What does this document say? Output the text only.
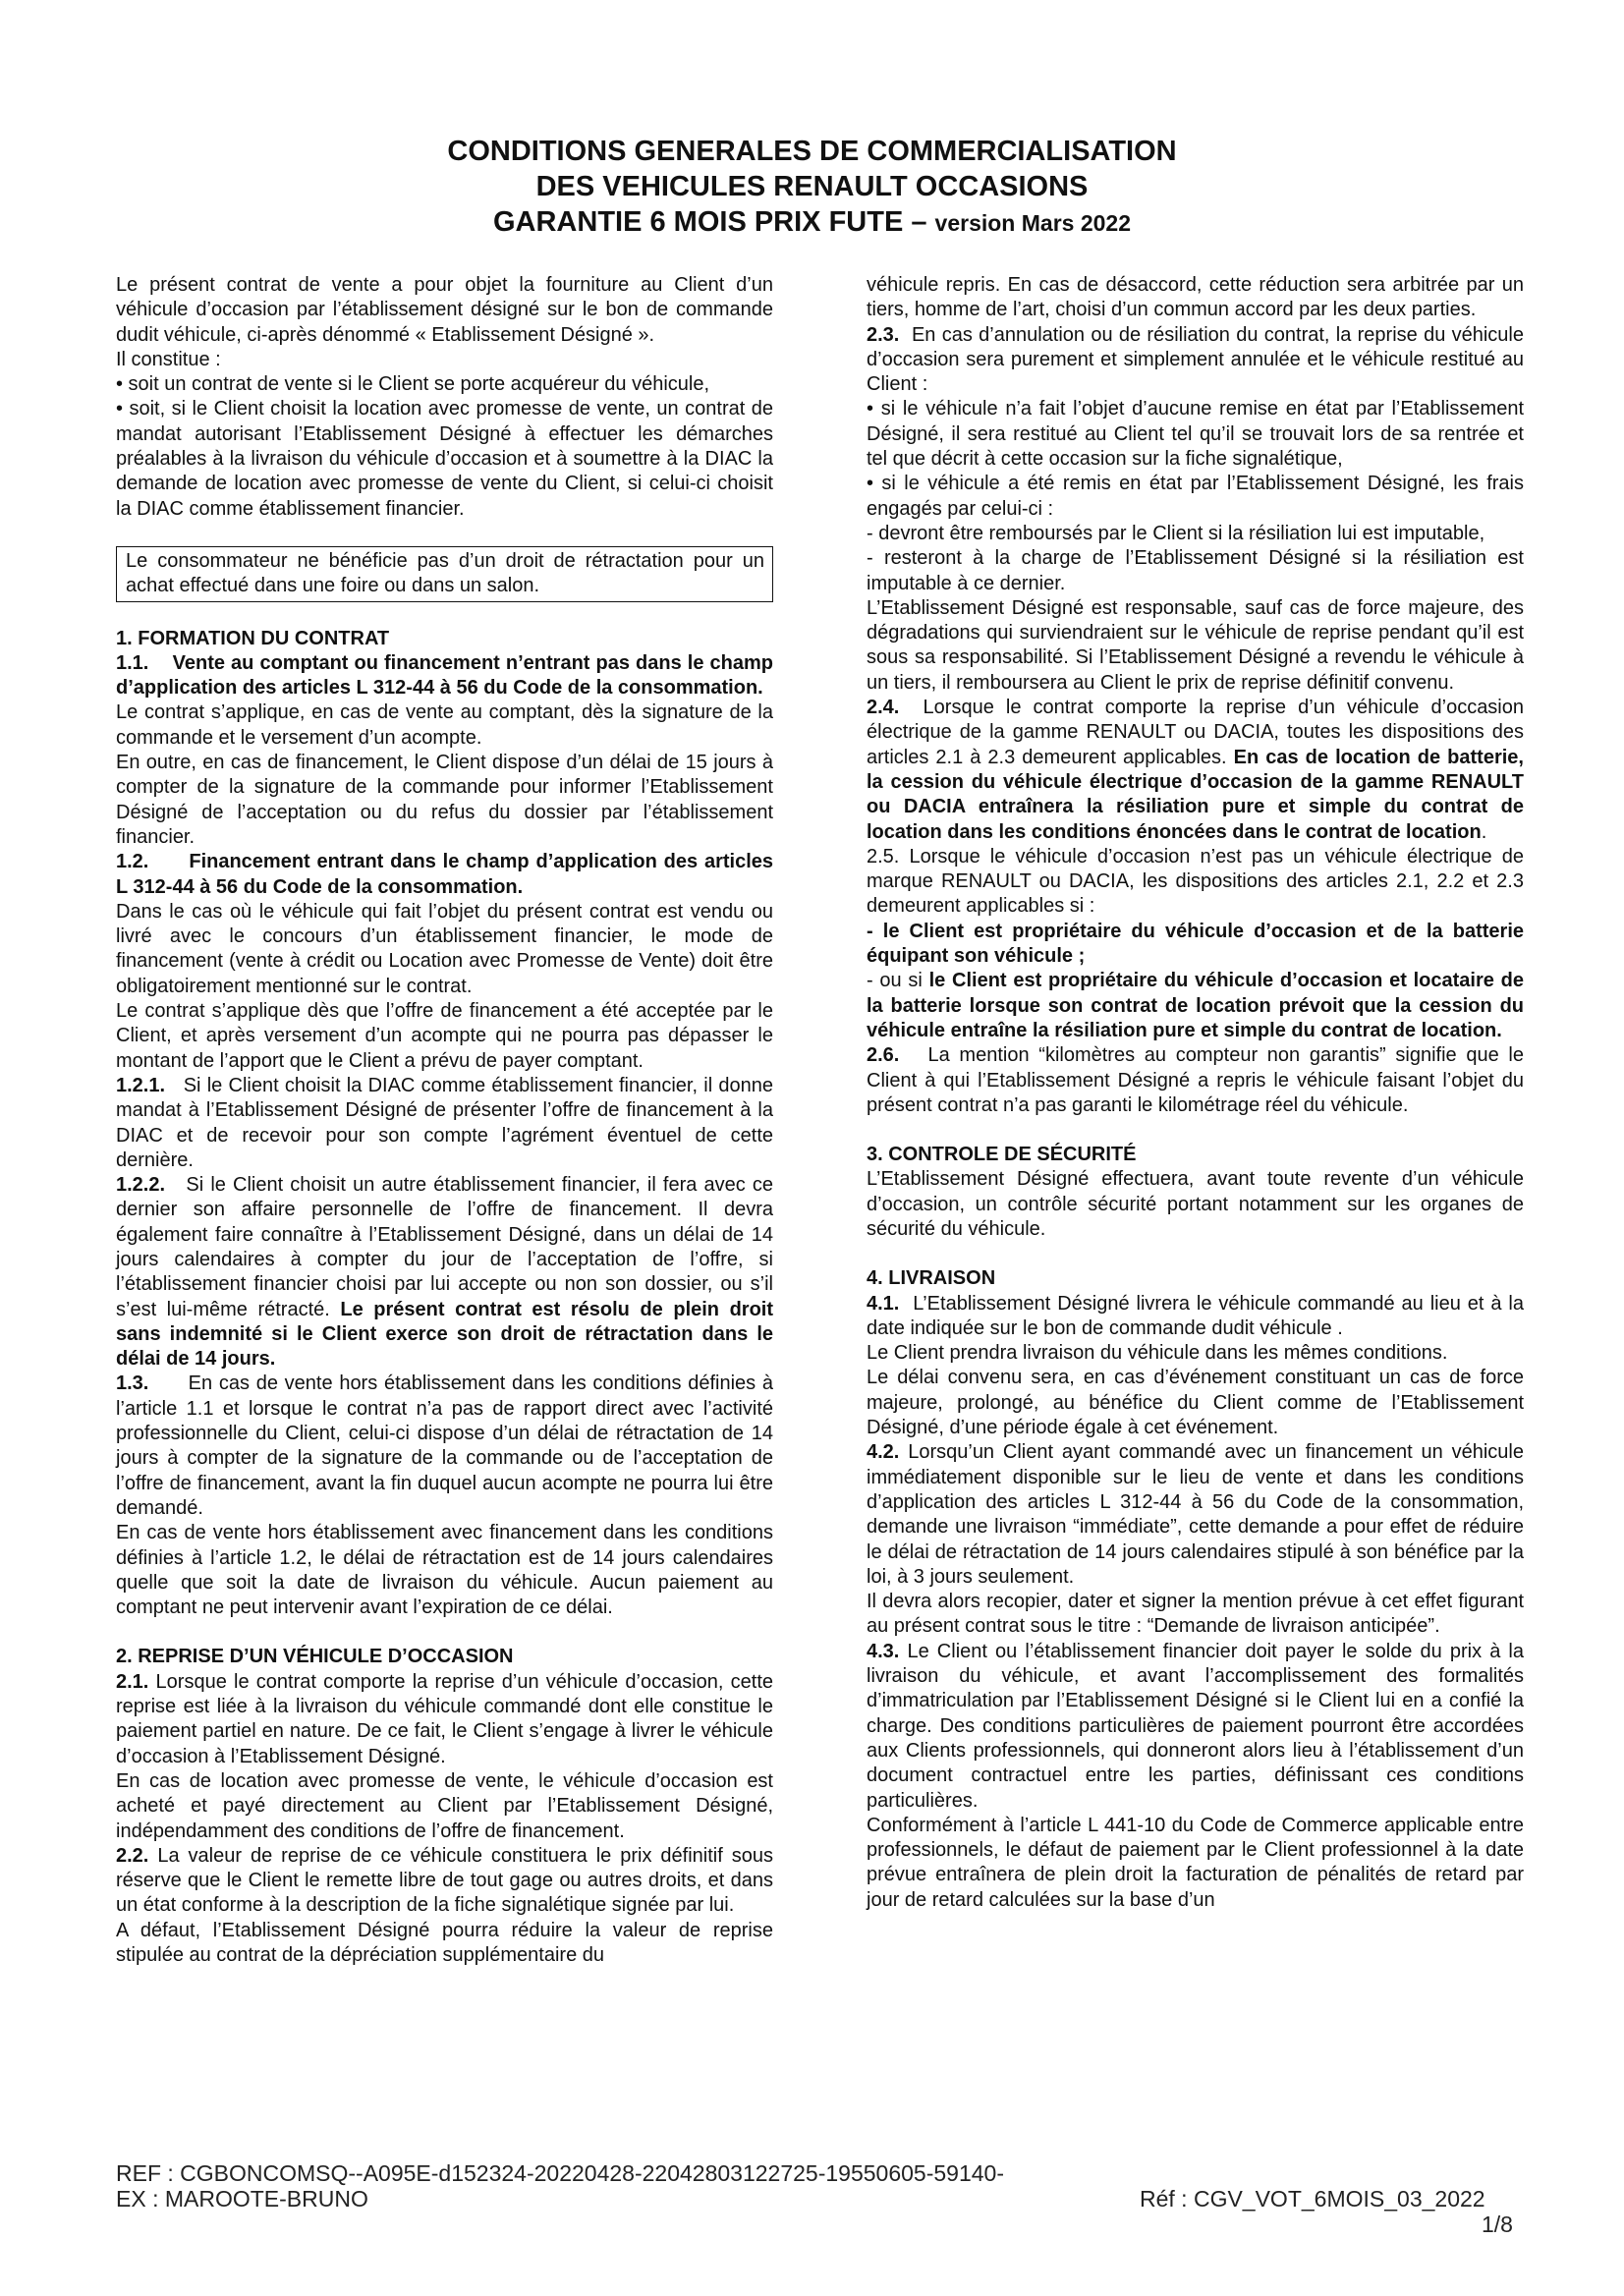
CONDITIONS GENERALES DE COMMERCIALISATION
DES VEHICULES RENAULT OCCASIONS
GARANTIE 6 MOIS PRIX FUTE – version Mars 2022

Le présent contrat de vente a pour objet la fourniture au Client d’un véhicule d’occasion par l’établissement désigné sur le bon de commande dudit véhicule, ci-après dénommé « Etablissement Désigné ».

Il constitue :

• soit un contrat de vente si le Client se porte acquéreur du véhicule,

• soit, si le Client choisit la location avec promesse de vente, un contrat de mandat autorisant l’Etablissement Désigné à effectuer les démarches préalables à la livraison du véhicule d’occasion et à soumettre à la DIAC la demande de location avec promesse de vente du Client, si celui-ci choisit la DIAC comme établissement financier.

Le consommateur ne bénéficie pas d’un droit de rétractation pour un achat effectué dans une foire ou dans un salon.

1. FORMATION DU CONTRAT

1.1.    Vente au comptant ou financement n’entrant pas dans le champ d’application des articles L 312-44 à 56 du Code de la consommation.

Le contrat s’applique, en cas de vente au comptant, dès la signature de la commande et le versement d’un acompte.

En outre, en cas de financement, le Client dispose d’un délai de 15 jours à compter de la signature de la commande pour informer l’Etablissement Désigné de l’acceptation ou du refus du dossier par l’établissement financier.

1.2.      Financement entrant dans le champ d’application des articles L 312-44 à 56 du Code de la consommation.

Dans le cas où le véhicule qui fait l’objet du présent contrat est vendu ou livré avec le concours d’un établissement financier, le mode de financement (vente à crédit ou Location avec Promesse de Vente) doit être obligatoirement mentionné sur le contrat.

Le contrat s’applique dès que l’offre de financement a été acceptée par le Client, et après versement d’un acompte qui ne pourra pas dépasser le montant de l’apport que le Client a prévu de payer comptant.

1.2.1.   Si le Client choisit la DIAC comme établissement financier, il donne mandat à l’Etablissement Désigné de présenter l’offre de financement à la DIAC et de recevoir pour son compte l’agrément éventuel de cette dernière.

1.2.2.   Si le Client choisit un autre établissement financier, il fera avec ce dernier son affaire personnelle de l’offre de financement. Il devra également faire connaître à l’Etablissement Désigné, dans un délai de 14 jours calendaires à compter du jour de l’acceptation de l’offre, si l’établissement financier choisi par lui accepte ou non son dossier, ou s’il s’est lui-même rétracté. Le présent contrat est résolu de plein droit sans indemnité si le Client exerce son droit de rétractation dans le délai de 14 jours.

1.3.      En cas de vente hors établissement dans les conditions définies à l’article 1.1 et lorsque le contrat n’a pas de rapport direct avec l’activité professionnelle du Client, celui-ci dispose d’un délai de rétractation de 14 jours à compter de la signature de la commande ou de l’acceptation de l’offre de financement, avant la fin duquel aucun acompte ne pourra lui être demandé.

En cas de vente hors établissement avec financement dans les conditions définies à l’article 1.2, le délai de rétractation est de 14 jours calendaires quelle que soit la date de livraison du véhicule. Aucun paiement au comptant ne peut intervenir avant l’expiration de ce délai.

2. REPRISE D’UN VÉHICULE D’OCCASION

2.1. Lorsque le contrat comporte la reprise d’un véhicule d’occasion, cette reprise est liée à la livraison du véhicule commandé dont elle constitue le paiement partiel en nature. De ce fait, le Client s’engage à livrer le véhicule d’occasion à l’Etablissement Désigné.

En cas de location avec promesse de vente, le véhicule d’occasion est acheté et payé directement au Client par l’Etablissement Désigné, indépendamment des conditions de l’offre de financement.

2.2. La valeur de reprise de ce véhicule constituera le prix définitif sous réserve que le Client le remette libre de tout gage ou autres droits, et dans un état conforme à la description de la fiche signalétique signée par lui.

A défaut, l’Etablissement Désigné pourra réduire la valeur de reprise stipulée au contrat de la dépréciation supplémentaire du

véhicule repris. En cas de désaccord, cette réduction sera arbitrée par un tiers, homme de l’art, choisi d’un commun accord par les deux parties.

2.3.  En cas d’annulation ou de résiliation du contrat, la reprise du véhicule d’occasion sera purement et simplement annulée et le véhicule restitué au Client :

• si le véhicule n’a fait l’objet d’aucune remise en état par l’Etablissement Désigné, il sera restitué au Client tel qu’il se trouvait lors de sa rentrée et tel que décrit à cette occasion sur la fiche signalétique,

• si le véhicule a été remis en état par l’Etablissement Désigné, les frais engagés par celui-ci :

- devront être remboursés par le Client si la résiliation lui est imputable,

- resteront à la charge de l’Etablissement Désigné si la résiliation est imputable à ce dernier.

L’Etablissement Désigné est responsable, sauf cas de force majeure, des dégradations qui surviendraient sur le véhicule de reprise pendant qu’il est sous sa responsabilité. Si l’Etablissement Désigné a revendu le véhicule à un tiers, il remboursera au Client le prix de reprise définitif convenu.

2.4.  Lorsque le contrat comporte la reprise d’un véhicule d’occasion électrique de la gamme RENAULT ou DACIA, toutes les dispositions des articles 2.1 à 2.3 demeurent applicables. En cas de location de batterie, la cession du véhicule électrique d’occasion de la gamme RENAULT ou DACIA entraînera la résiliation pure et simple du contrat de location dans les conditions énoncées dans le contrat de location.

2.5. Lorsque le véhicule d’occasion n’est pas un véhicule électrique de marque RENAULT ou DACIA, les dispositions des articles 2.1, 2.2 et 2.3 demeurent applicables si :

- le Client est propriétaire du véhicule d’occasion et de la batterie équipant son véhicule ;

- ou si le Client est propriétaire du véhicule d’occasion et locataire de la batterie lorsque son contrat de location prévoit que la cession du véhicule entraîne la résiliation pure et simple du contrat de location.

2.6.   La mention “kilomètres au compteur non garantis” signifie que le Client à qui l’Etablissement Désigné a repris le véhicule faisant l’objet du présent contrat n’a pas garanti le kilométrage réel du véhicule.

3. CONTROLE DE SÉCURITÉ

L’Etablissement Désigné effectuera, avant toute revente d’un véhicule d’occasion, un contrôle sécurité portant notamment sur les organes de sécurité du véhicule.

4. LIVRAISON

4.1.  L’Etablissement Désigné livrera le véhicule commandé au lieu et à la date indiquée sur le bon de commande dudit véhicule .

Le Client prendra livraison du véhicule dans les mêmes conditions.

Le délai convenu sera, en cas d’événement constituant un cas de force majeure, prolongé, au bénéfice du Client comme de l’Etablissement Désigné, d’une période égale à cet événement.

4.2. Lorsqu’un Client ayant commandé avec un financement un véhicule immédiatement disponible sur le lieu de vente et dans les conditions d’application des articles L 312-44 à 56 du Code de la consommation, demande une livraison “immédiate”, cette demande a pour effet de réduire le délai de rétractation de 14 jours calendaires stipulé à son bénéfice par la loi, à 3 jours seulement.

Il devra alors recopier, dater et signer la mention prévue à cet effet figurant au présent contrat sous le titre : “Demande de livraison anticipée”.

4.3. Le Client ou l’établissement financier doit payer le solde du prix à la livraison du véhicule, et avant l’accomplissement des formalités d’immatriculation par l’Etablissement Désigné si le Client lui en a confié la charge. Des conditions particulières de paiement pourront être accordées aux Clients professionnels, qui donneront alors lieu à l’établissement d’un document contractuel entre les parties, définissant ces conditions particulières.

Conformément à l’article L 441-10 du Code de Commerce applicable entre professionnels, le défaut de paiement par le Client professionnel à la date prévue entraînera de plein droit la facturation de pénalités de retard par jour de retard calculées sur la base d’un

REF : CGBONCOMSQ--A095E-d152324-20220428-22042803122725-19550605-59140-
EX : MAROOTE-BRUNO	Réf : CGV_VOT_6MOIS_03_2022
1/8
